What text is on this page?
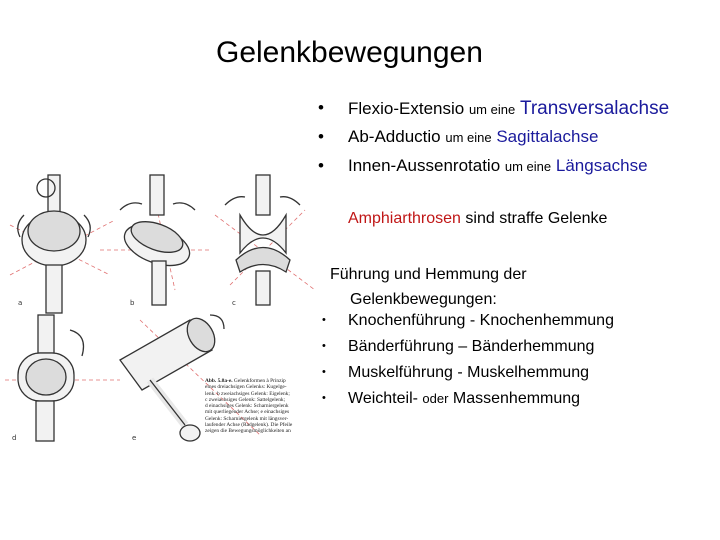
Gelenkbewegungen
• Flexio-Extensio um eine Transversalachse
• Ab-Adductio um eine Sagittalachse
• Innen-Aussenrotatio um eine Längsachse
Amphiarthrosen sind straffe Gelenke
Führung und Hemmung der
Gelenkbewegungen:
• Knochenführung - Knochenhemmung
• Bänderführung – Bänderhemmung
• Muskelführung - Muskelhemmung
• Weichteil- oder Massenhemmung
a	b	c
d	e
Abb. 5.8a-e. Gelenkformen à Prinzip
eines dreiachsigen Gelenks: Kugelge-
lenk. b zweiachsiges Gelenk: Eigelenk;
c zweiachsiges Gelenk: Sattelgelenk;
d einachsiges Gelenk: Scharniergelenk
mit querliegender Achse; e einachsiges
Gelenk: Scharniergelenk mit längsver-
laufender Achse (Radgelenk). Die Pfeile
zeigen die Bewegungsmöglichkeiten an
